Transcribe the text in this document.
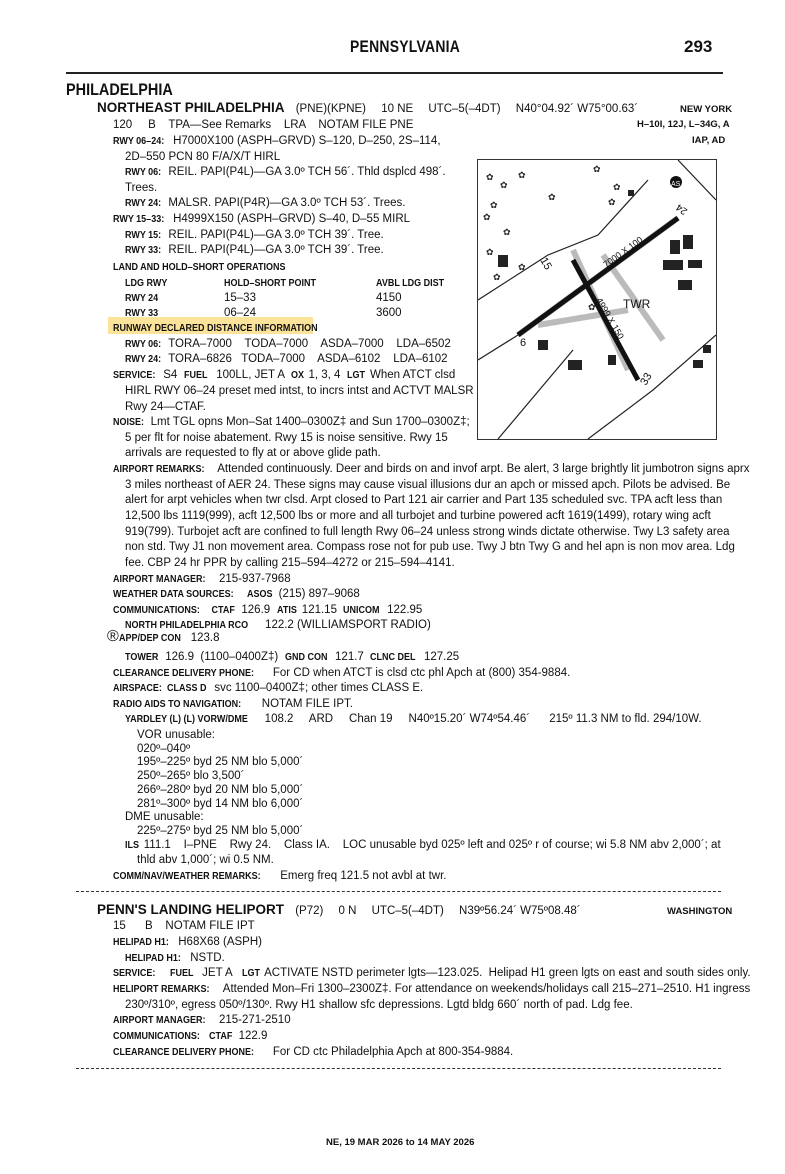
PENNSYLVANIA	293
PHILADELPHIA
NORTHEAST PHILADELPHIA (PNE)(KPNE) 10 NE UTC–5(–4DT) N40°04.92´ W75°00.63´	NEW YORK
120     B    TPA—See Remarks    LRA    NOTAM FILE PNE	H–10I, 12J, L–34G, A
IAP, AD
RWY 06–24: H7000X100 (ASPH–GRVD) S–120, D–250, 2S–114,
2D–550 PCN 80 F/A/X/T HIRL
RWY 06: REIL. PAPI(P4L)—GA 3.0º TCH 56´. Thld dsplcd 498´.
Trees.
RWY 24: MALSR. PAPI(P4R)—GA 3.0º TCH 53´. Trees.
RWY 15–33: H4999X150 (ASPH–GRVD) S–40, D–55 MIRL
RWY 15: REIL. PAPI(P4L)—GA 3.0º TCH 39´. Tree.
RWY 33: REIL. PAPI(P4L)—GA 3.0º TCH 39´. Tree.
LAND AND HOLD–SHORT OPERATIONS
LDG RWY	HOLD–SHORT POINT	AVBL LDG DIST
RWY 24	15–33	4150
RWY 33	06–24	3600
RUNWAY DECLARED DISTANCE INFORMATION
RWY 06: TORA–7000    TODA–7000    ASDA–7000    LDA–6502
RWY 24: TORA–6826   TODA–7000    ASDA–6102    LDA–6102
SERVICE: S4  FUEL  100LL, JET A  OX 1, 3, 4  LGT When ATCT clsd
HIRL RWY 06–24 preset med intst, to incrs intst and ACTVT MALSR
Rwy 24—CTAF.
NOISE: Lmt TGL opns Mon–Sat 1400–0300Z‡ and Sun 1700–0300Z‡;
5 per flt for noise abatement. Rwy 15 is noise sensitive. Rwy 15
arrivals are requested to fly at or above glide path.
✿
✿
✿
✿
✿
✿
✿
✿
✿
✿
✿
✿
✿
✿
TWR
15
33
6
24
7000 X 100
4999 X 150
AS
AIRPORT REMARKS: Attended continuously. Deer and birds on and invof arpt. Be alert, 3 large brightly lit jumbotron signs aprx
3 miles northeast of AER 24. These signs may cause visual illusions dur an apch or missed apch. Pilots be advised. Be
alert for arpt vehicles when twr clsd. Arpt closed to Part 121 air carrier and Part 135 scheduled svc. TPA acft less than
12,500 lbs 1119(999), acft 12,500 lbs or more and all turbojet and turbine powered acft 1619(1499), rotary wing acft
919(799). Turbojet acft are confined to full length Rwy 06–24 unless strong winds dictate otherwise. Twy L3 safety area
non std. Twy J1 non movement area. Compass rose not for pub use. Twy J btn Twy G and hel apn is non mov area. Ldg
fee. CBP 24 hr PPR by calling 215–594–4272 or 215–594–4141.
AIRPORT MANAGER: 215-937-7968
WEATHER DATA SOURCES:ASOS (215) 897–9068
COMMUNICATIONS: CTAF 126.9  ATIS 121.15  UNICOM 122.95
NORTH PHILADELPHIA RCO 122.2 (WILLIAMSPORT RADIO)
®APP/DEP CON 123.8
TOWER 126.9  (1100–0400Z‡)  GND CON 121.7  CLNC DEL 127.25
CLEARANCE DELIVERY PHONE: For CD when ATCT is clsd ctc phl Apch at (800) 354-9884.
AIRSPACE:CLASS D svc 1100–0400Z‡; other times CLASS E.
RADIO AIDS TO NAVIGATION:  NOTAM FILE IPT.
YARDLEY (L) (L) VORW/DME 108.2     ARD     Chan 19     N40º15.20´ W74º54.46´      215º 11.3 NM to fld. 294/10W.
VOR unusable:
020º–040º
195º–225º byd 25 NM blo 5,000´
250º–265º blo 3,500´
266º–280º byd 20 NM blo 5,000´
281º–300º byd 14 NM blo 6,000´
DME unusable:
225º–275º byd 25 NM blo 5,000´
ILS 111.1    I–PNE    Rwy 24.    Class IA.    LOC unusable byd 025º left and 025º r of course; wi 5.8 NM abv 2,000´; at
thld abv 1,000´; wi 0.5 NM.
COMM/NAV/WEATHER REMARKS: Emerg freq 121.5 not avbl at twr.
PENN'S LANDING HELIPORT (P72) 0 N UTC–5(–4DT) N39º56.24´ W75º08.48´	WASHINGTON
15      B    NOTAM FILE IPT
HELIPAD H1: H68X68 (ASPH)
HELIPAD H1: NSTD.
SERVICE: FUEL  JET A   LGT ACTIVATE NSTD perimeter lgts—123.025.  Helipad H1 green lgts on east and south sides only.
HELIPORT REMARKS: Attended Mon–Fri 1300–2300Z‡. For attendance on weekends/holidays call 215–271–2510. H1 ingress
230º/310º, egress 050º/130º. Rwy H1 shallow sfc depressions. Lgtd bldg 660´ north of pad. Ldg fee.
AIRPORT MANAGER: 215-271-2510
COMMUNICATIONS:CTAF 122.9
CLEARANCE DELIVERY PHONE: For CD ctc Philadelphia Apch at 800-354-9884.
NE, 19 MAR 2026 to 14 MAY 2026
